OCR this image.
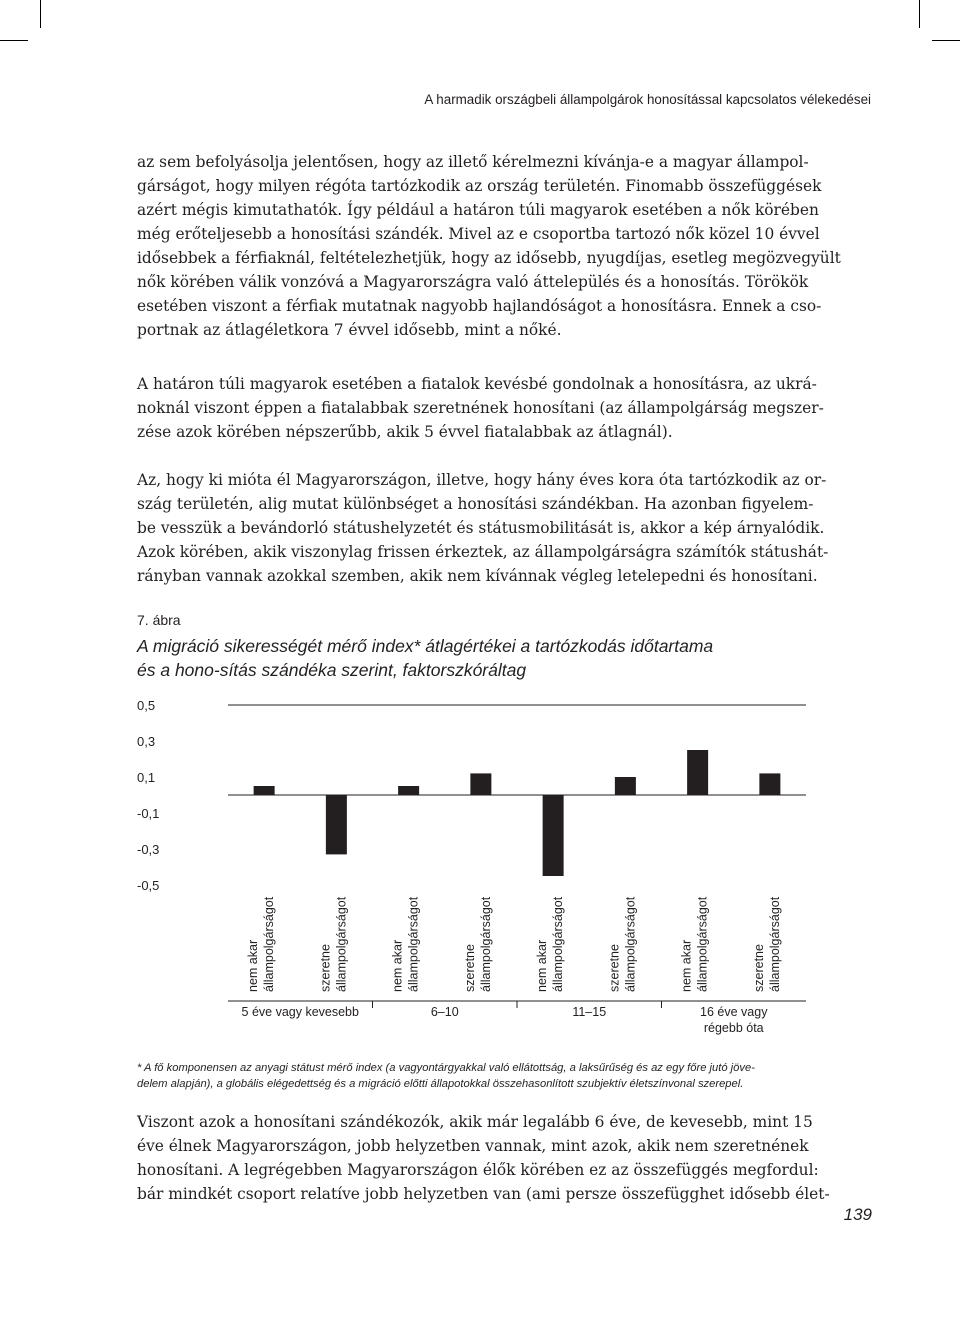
A harmadik országbeli állampolgárok honosítással kapcsolatos vélekedései
az sem befolyásolja jelentősen, hogy az illető kérelmezni kívánja-e a magyar állampol-
gárságot, hogy milyen régóta tartózkodik az ország területén. Finomabb összefüggések
azért mégis kimutathatók. Így például a határon túli magyarok esetében a nők körében
még erőteljesebb a honosítási szándék. Mivel az e csoportba tartozó nők közel 10 évvel
idősebbek a férfiaknál, feltételezhetjük, hogy az idősebb, nyugdíjas, esetleg megözvegyült
nők körében válik vonzóvá a Magyarországra való áttelepülés és a honosítás. Törökök
esetében viszont a férfiak mutatnak nagyobb hajlandóságot a honosításra. Ennek a cso-
portnak az átlagéletkora 7 évvel idősebb, mint a nőké.
A határon túli magyarok esetében a fiatalok kevésbé gondolnak a honosításra, az ukrá-
noknál viszont éppen a fiatalabbak szeretnének honosítani (az állampolgárság megszer-
zése azok körében népszerűbb, akik 5 évvel fiatalabbak az átlagnál).
Az, hogy ki mióta él Magyarországon, illetve, hogy hány éves kora óta tartózkodik az or-
szág területén, alig mutat különbséget a honosítási szándékban. Ha azonban figyelem-
be vesszük a bevándorló státushelyzetét és státusmobilitását is, akkor a kép árnyalódik.
Azok körében, akik viszonylag frissen érkeztek, az állampolgárságra számítók státushát-
rányban vannak azokkal szemben, akik nem kívánnak végleg letelepedni és honosítani.
7. ábra
A migráció sikerességét mérő index* átlagértékei a tartózkodás időtartama
és a hono-sítás szándéka szerint, faktorszkóráltag
0,5
0,3
0,1
-0,1
-0,3
-0,5
nem akar állampolgárságot	szeretne állampolgárságot	nem akar állampolgárságot	szeretne állampolgárságot	nem akar állampolgárságot	szeretne állampolgárságot	nem akar állampolgárságot	szeretne állampolgárságot
5 éve vagy kevesebb	6–10	11–15	16 éve vagy
régebb óta
* A fő komponensen az anyagi státust mérő index (a vagyontárgyakkal való ellátottság, a laksűrűség és az egy főre jutó jöve-
delem alapján), a globális elégedettség és a migráció előtti állapotokkal összehasonlított szubjektív életszínvonal szerepel.
Viszont azok a honosítani szándékozók, akik már legalább 6 éve, de kevesebb, mint 15
éve élnek Magyarországon, jobb helyzetben vannak, mint azok, akik nem szeretnének
honosítani. A legrégebben Magyarországon élők körében ez az összefüggés megfordul:
bár mindkét csoport relatíve jobb helyzetben van (ami persze összefügghet idősebb élet-
139
